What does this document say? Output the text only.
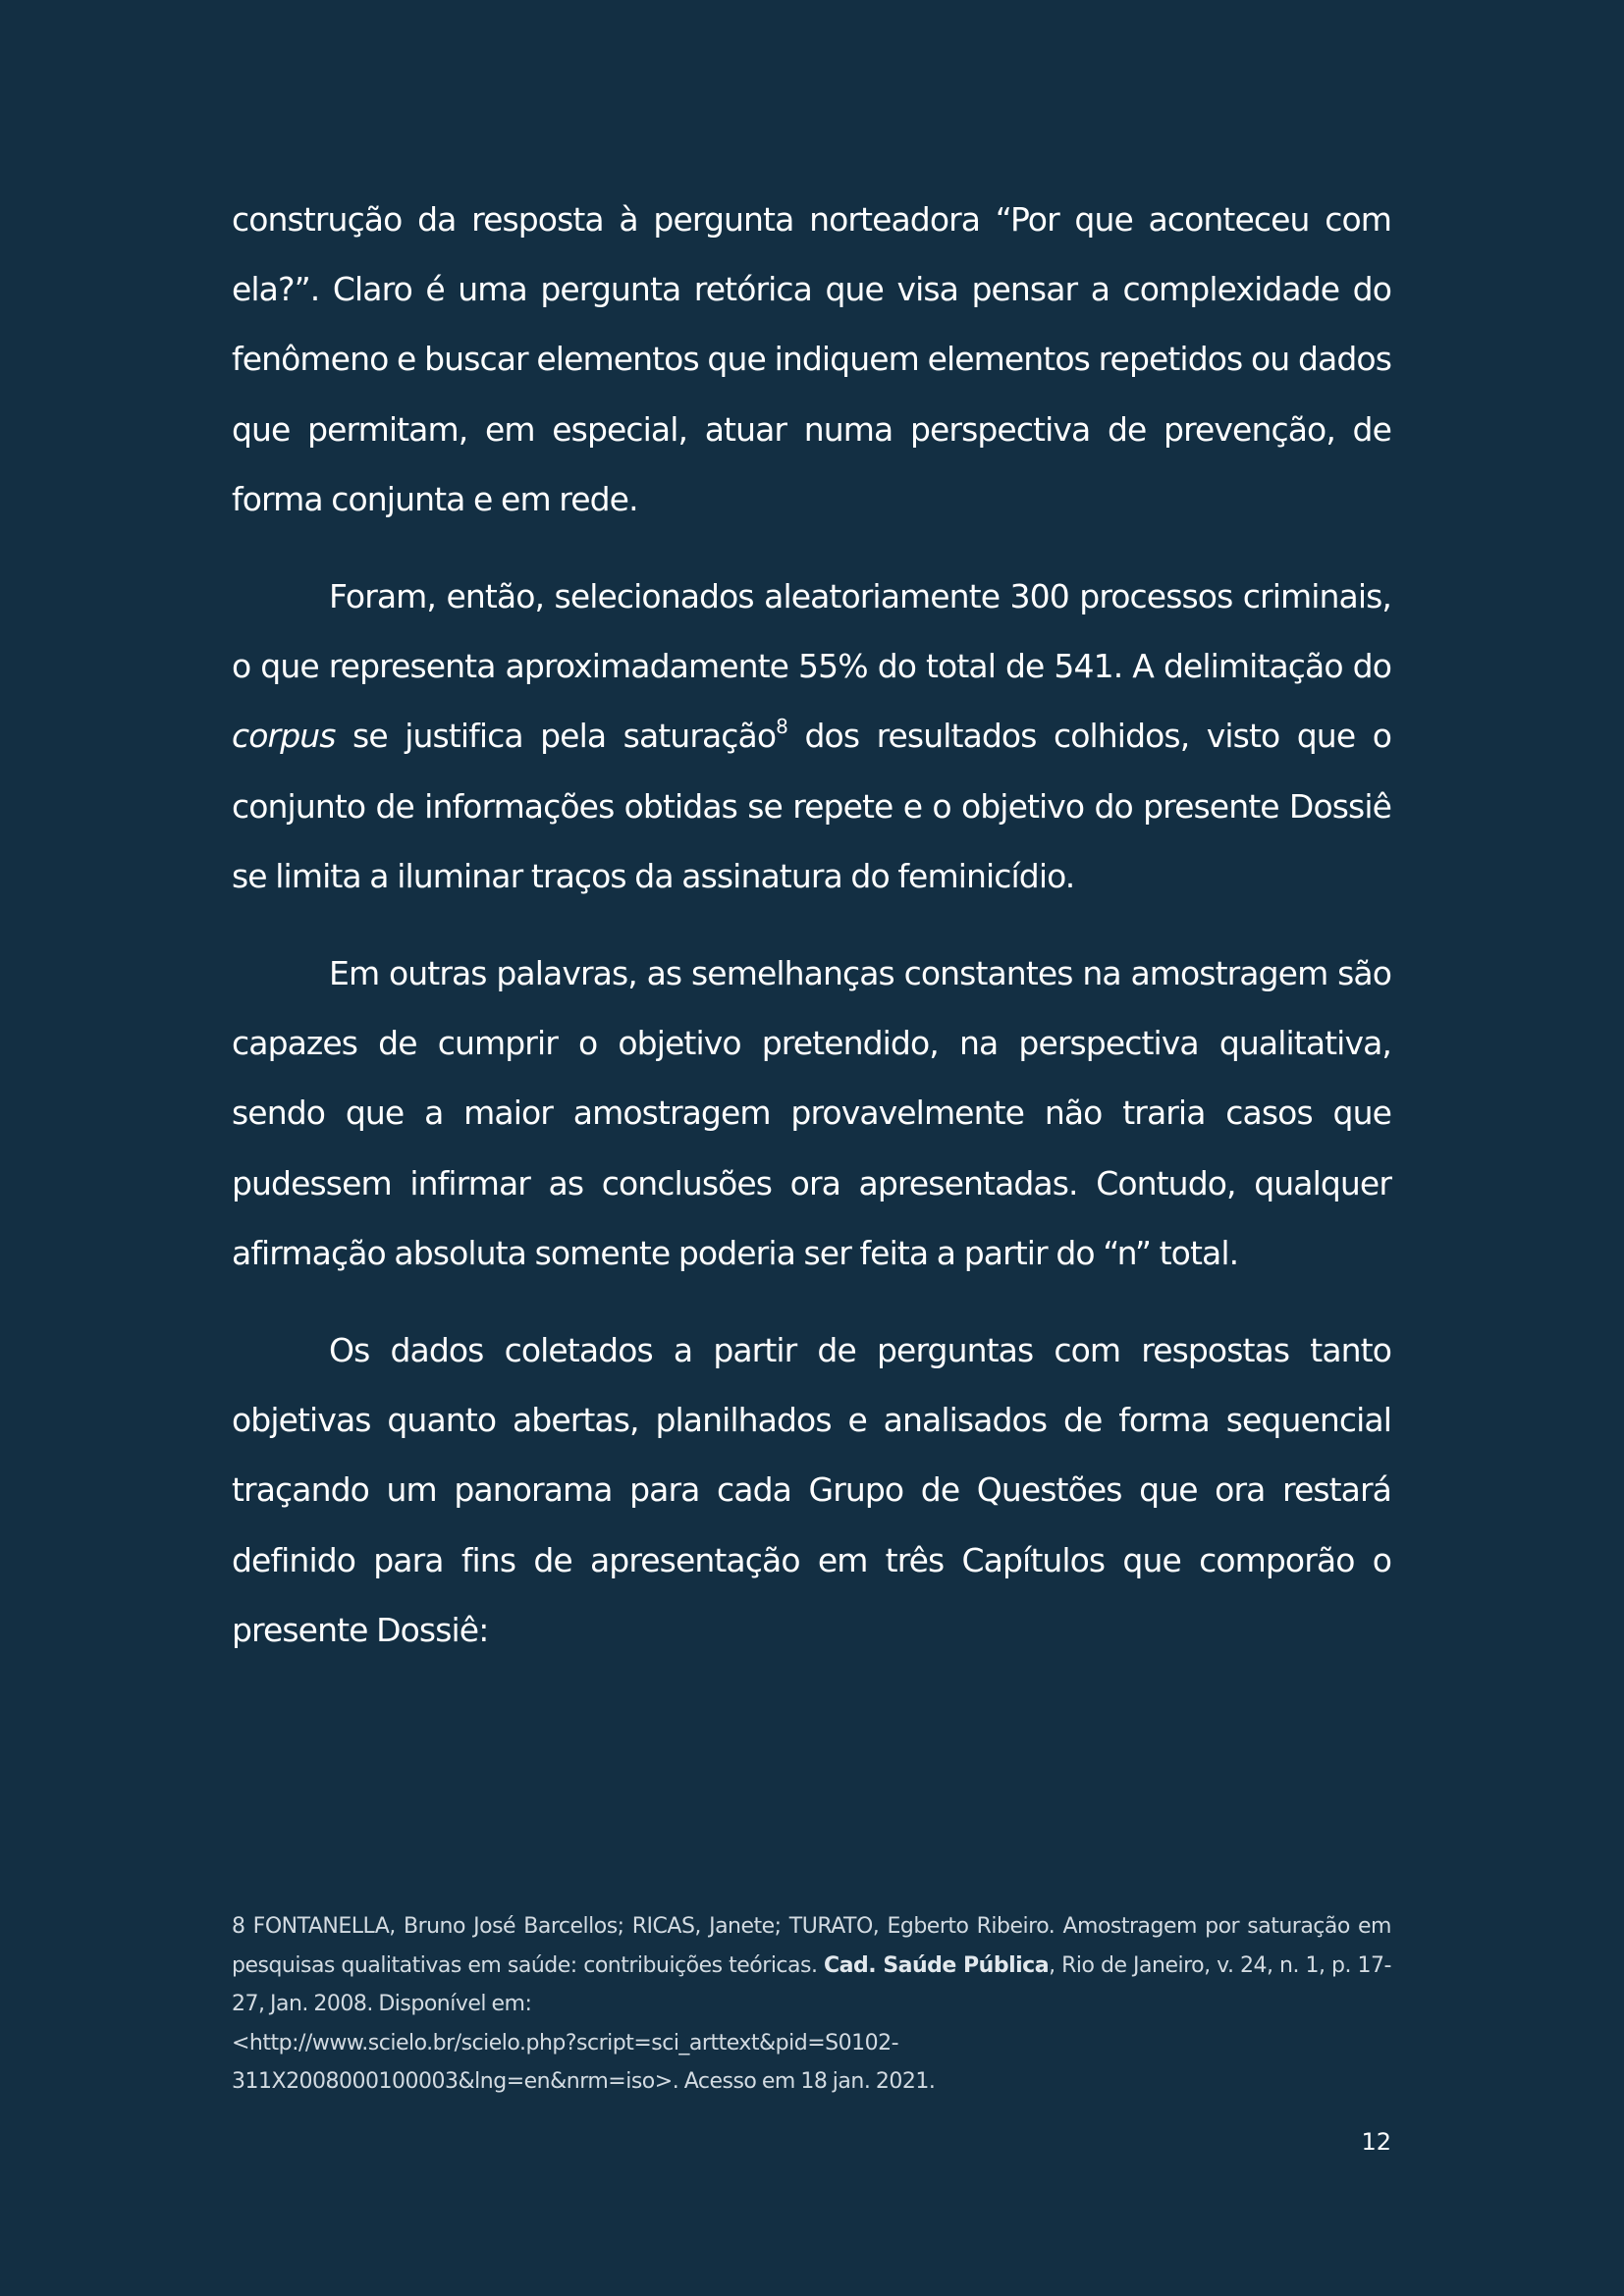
construção da resposta à pergunta norteadora “Por que aconteceu com ela?”. Claro é uma pergunta retórica que visa pensar a complexidade do fenômeno e buscar elementos que indiquem elementos repetidos ou dados que permitam, em especial, atuar numa perspectiva de prevenção, de forma conjunta e em rede.

Foram, então, selecionados aleatoriamente 300 processos criminais, o que representa aproximadamente 55% do total de 541. A delimitação do corpus se justifica pela saturação$^8$ dos resultados colhidos, visto que o conjunto de informações obtidas se repete e o objetivo do presente Dossiê se limita a iluminar traços da assinatura do feminicídio.

Em outras palavras, as semelhanças constantes na amostragem são capazes de cumprir o objetivo pretendido, na perspectiva qualitativa, sendo que a maior amostragem provavelmente não traria casos que pudessem infirmar as conclusões ora apresentadas. Contudo, qualquer afirmação absoluta somente poderia ser feita a partir do “n” total.

Os dados coletados a partir de perguntas com respostas tanto objetivas quanto abertas, planilhados e analisados de forma sequencial traçando um panorama para cada Grupo de Questões que ora restará definido para fins de apresentação em três Capítulos que comporão o presente Dossiê:

8 FONTANELLA, Bruno José Barcellos; RICAS, Janete; TURATO, Egberto Ribeiro. Amostragem por saturação em pesquisas qualitativas em saúde: contribuições teóricas. Cad. Saúde Pública, Rio de Janeiro, v. 24, n. 1, p. 17-27, Jan. 2008. Disponível em:
<http://www.scielo.br/scielo.php?script=sci_arttext&pid=S0102-
311X2008000100003&lng=en&nrm=iso>. Acesso em 18 jan. 2021.
12
